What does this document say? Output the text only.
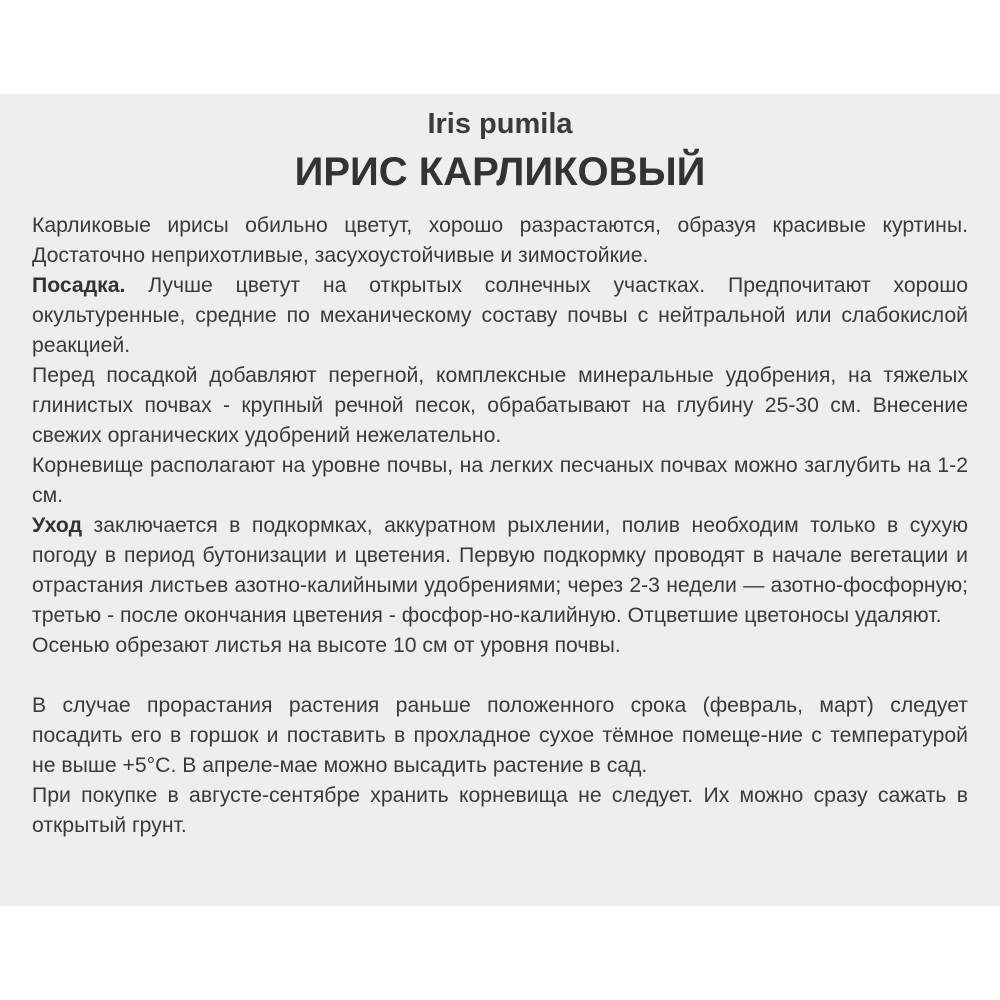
Iris pumila
ИРИС КАРЛИКОВЫЙ

Карликовые ирисы обильно цветут, хорошо разрастаются, образуя красивые куртины. Достаточно неприхотливые, засухоустойчивые и зимостойкие.

Посадка. Лучше цветут на открытых солнечных участках. Предпочитают хорошо окультуренные, средние по механическому составу почвы с нейтральной или слабокислой реакцией.

Перед посадкой добавляют перегной, комплексные минеральные удобрения, на тяжелых глинистых почвах - крупный речной песок, обрабатывают на глубину 25-30 см. Внесение свежих органических удобрений нежелательно.

Корневище располагают на уровне почвы, на легких песчаных почвах можно заглубить на 1-2 см.

Уход заключается в подкормках, аккуратном рыхлении, полив необходим только в сухую погоду в период бутонизации и цветения. Первую подкормку проводят в начале вегетации и отрастания листьев азотно-калийными удобрениями; через 2-3 недели — азотно-фосфорную; третью - после окончания цветения - фосфор-но-калийную. Отцветшие цветоносы удаляют.

Осенью обрезают листья на высоте 10 см от уровня почвы.

В случае прорастания растения раньше положенного срока (февраль, март) следует посадить его в горшок и поставить в прохладное сухое тёмное помеще-ние с температурой не выше +5°С. В апреле-мае можно высадить растение в сад.

При покупке в августе-сентябре хранить корневища не следует. Их можно сразу сажать в открытый грунт.
